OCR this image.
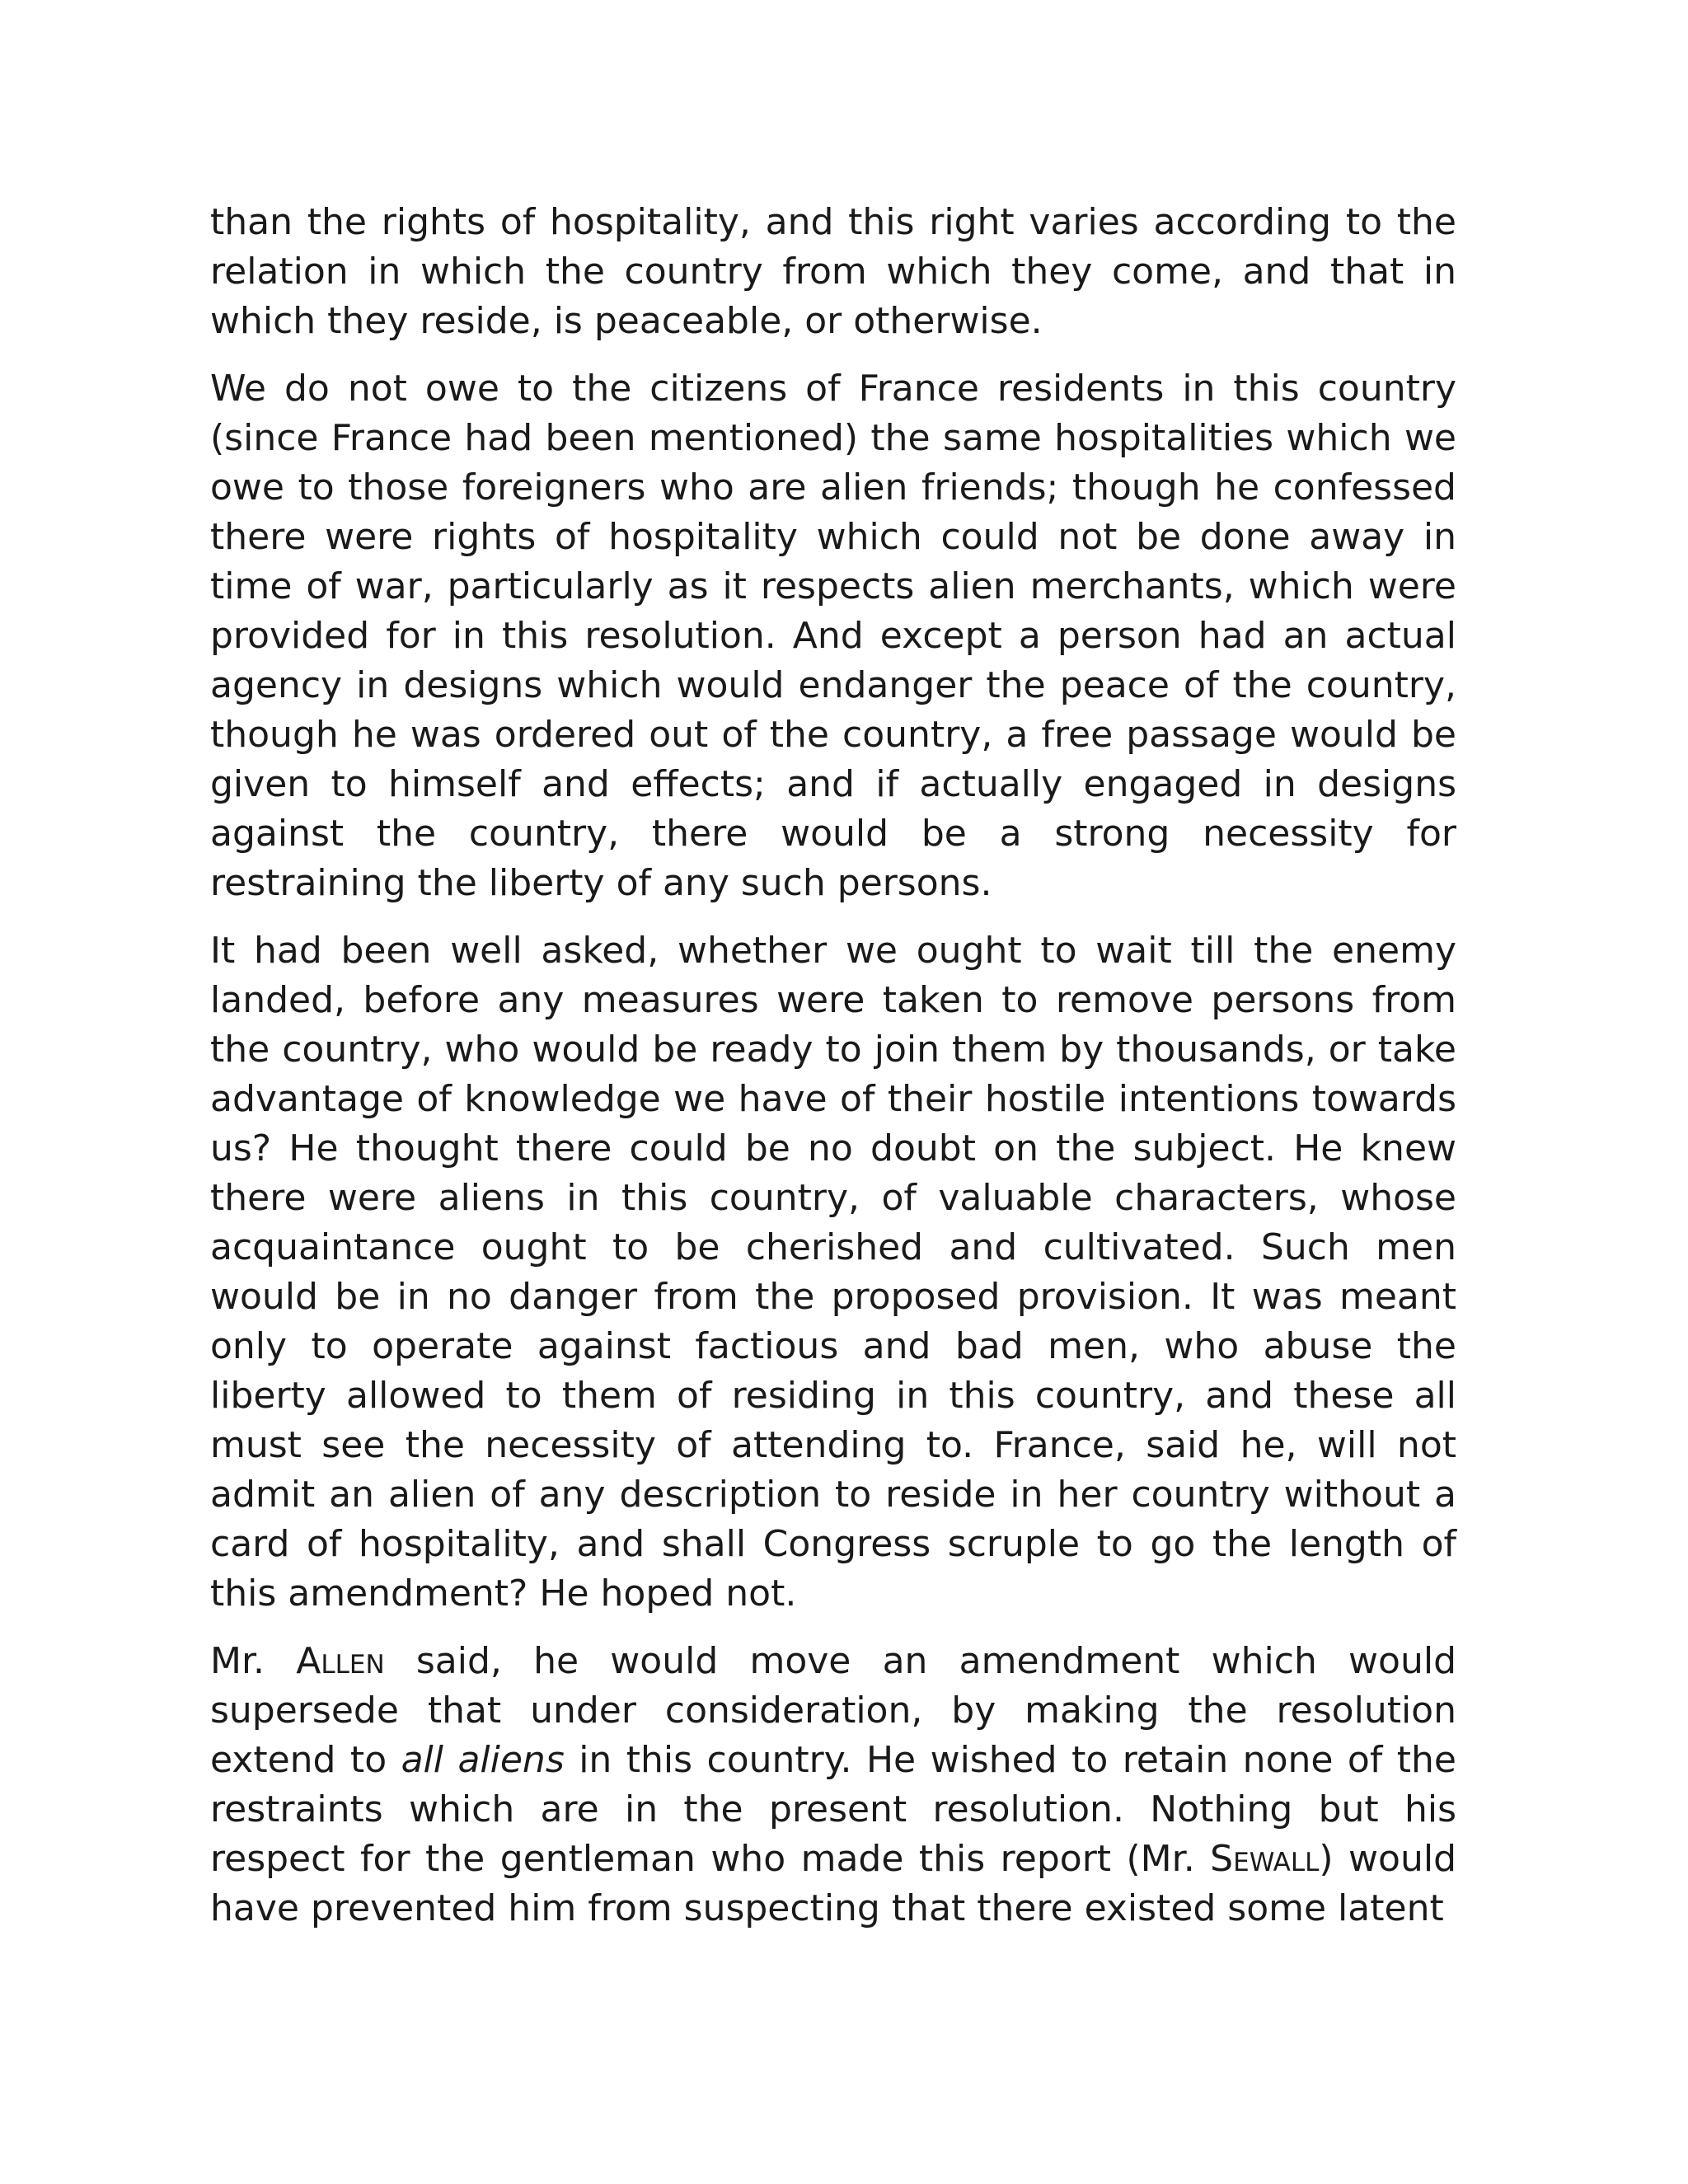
than the rights of hospitality, and this right varies according to the relation in which the country from which they come, and that in which they reside, is peaceable, or otherwise.

We do not owe to the citizens of France residents in this country (since France had been mentioned) the same hospitalities which we owe to those foreigners who are alien friends; though he confessed there were rights of hospitality which could not be done away in time of war, particularly as it respects alien merchants, which were provided for in this resolution. And except a person had an actual agency in designs which would endanger the peace of the country, though he was ordered out of the country, a free passage would be given to himself and effects; and if actually engaged in designs against the country, there would be a strong necessity for restraining the liberty of any such persons.

It had been well asked, whether we ought to wait till the enemy landed, before any measures were taken to remove persons from the country, who would be ready to join them by thousands, or take advantage of knowledge we have of their hostile intentions towards us? He thought there could be no doubt on the subject. He knew there were aliens in this country, of valuable characters, whose acquaintance ought to be cherished and cultivated. Such men would be in no danger from the proposed provision. It was meant only to operate against factious and bad men, who abuse the liberty allowed to them of residing in this country, and these all must see the necessity of attending to. France, said he, will not admit an alien of any description to reside in her country without a card of hospitality, and shall Congress scruple to go the length of this amendment? He hoped not.

Mr. Allen said, he would move an amendment which would supersede that under consideration, by making the resolution extend to all aliens in this country. He wished to retain none of the restraints which are in the present resolution. Nothing but his respect for the gentleman who made this report (Mr. Sewall) would have prevented him from suspecting that there existed some latent
